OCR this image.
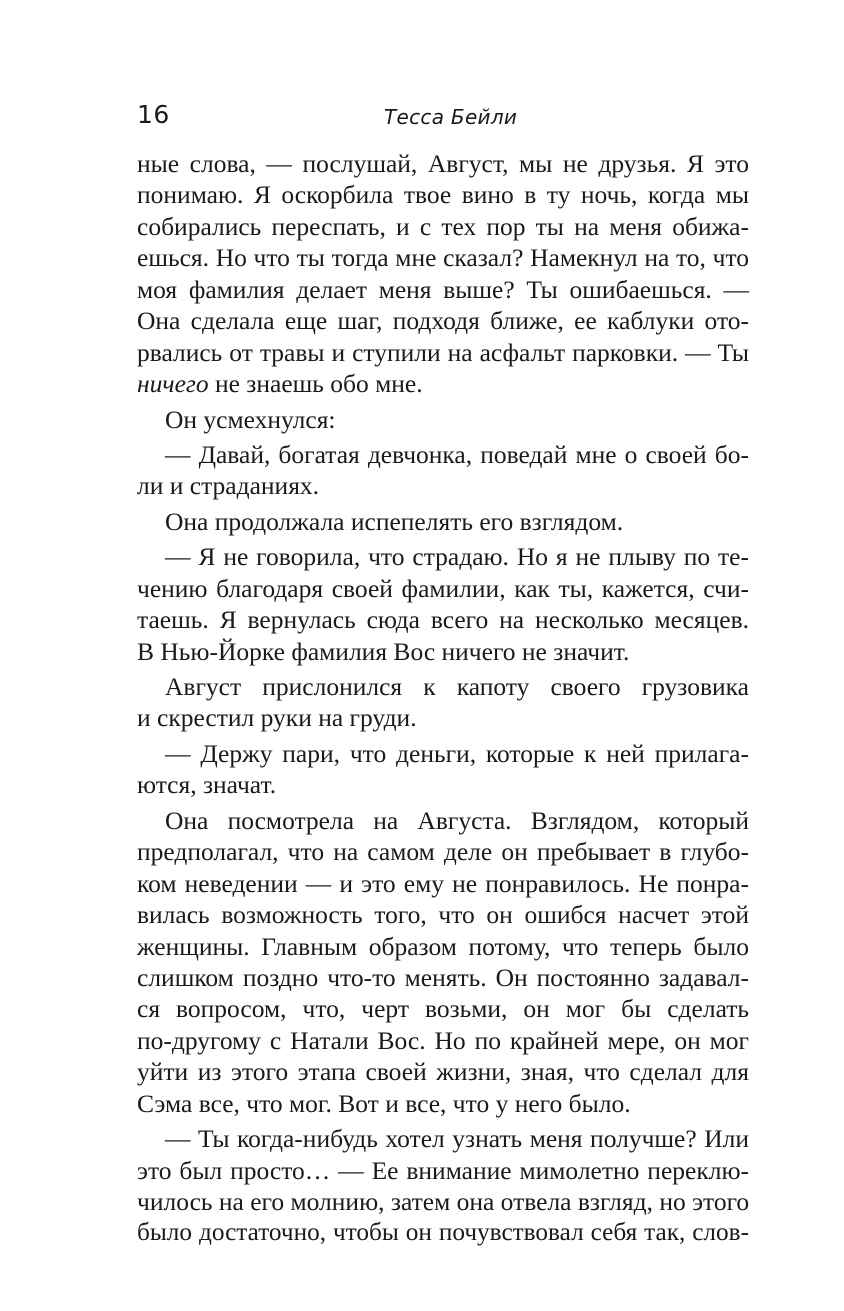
16	Тесса Бейли
ные слова, — послушай, Август, мы не друзья. Я это
понимаю. Я оскорбила твое вино в ту ночь, когда мы
собирались переспать, и с тех пор ты на меня обижа-
ешься. Но что ты тогда мне сказал? Намекнул на то, что
моя фамилия делает меня выше? Ты ошибаешься. —
Она сделала еще шаг, подходя ближе, ее каблуки ото-
рвались от травы и ступили на асфальт парковки. — Ты
ничего не знаешь обо мне.
Он усмехнулся:
— Давай, богатая девчонка, поведай мне о своей бо-
ли и страданиях.
Она продолжала испепелять его взглядом.
— Я не говорила, что страдаю. Но я не плыву по те-
чению благодаря своей фамилии, как ты, кажется, счи-
таешь. Я вернулась сюда всего на несколько месяцев.
В Нью-Йорке фамилия Вос ничего не значит.
Август прислонился к капоту своего грузовика
и скрестил руки на груди.
— Держу пари, что деньги, которые к ней прилага-
ются, значат.
Она посмотрела на Августа. Взглядом, который
предполагал, что на самом деле он пребывает в глубо-
ком неведении — и это ему не понравилось. Не понра-
вилась возможность того, что он ошибся насчет этой
женщины. Главным образом потому, что теперь было
слишком поздно что-то менять. Он постоянно задавал-
ся вопросом, что, черт возьми, он мог бы сделать
по-другому с Натали Вос. Но по крайней мере, он мог
уйти из этого этапа своей жизни, зная, что сделал для
Сэма все, что мог. Вот и все, что у него было.
— Ты когда-нибудь хотел узнать меня получше? Или
это был просто… — Ее внимание мимолетно переклю-
чилось на его молнию, затем она отвела взгляд, но этого
было достаточно, чтобы он почувствовал себя так, слов-
